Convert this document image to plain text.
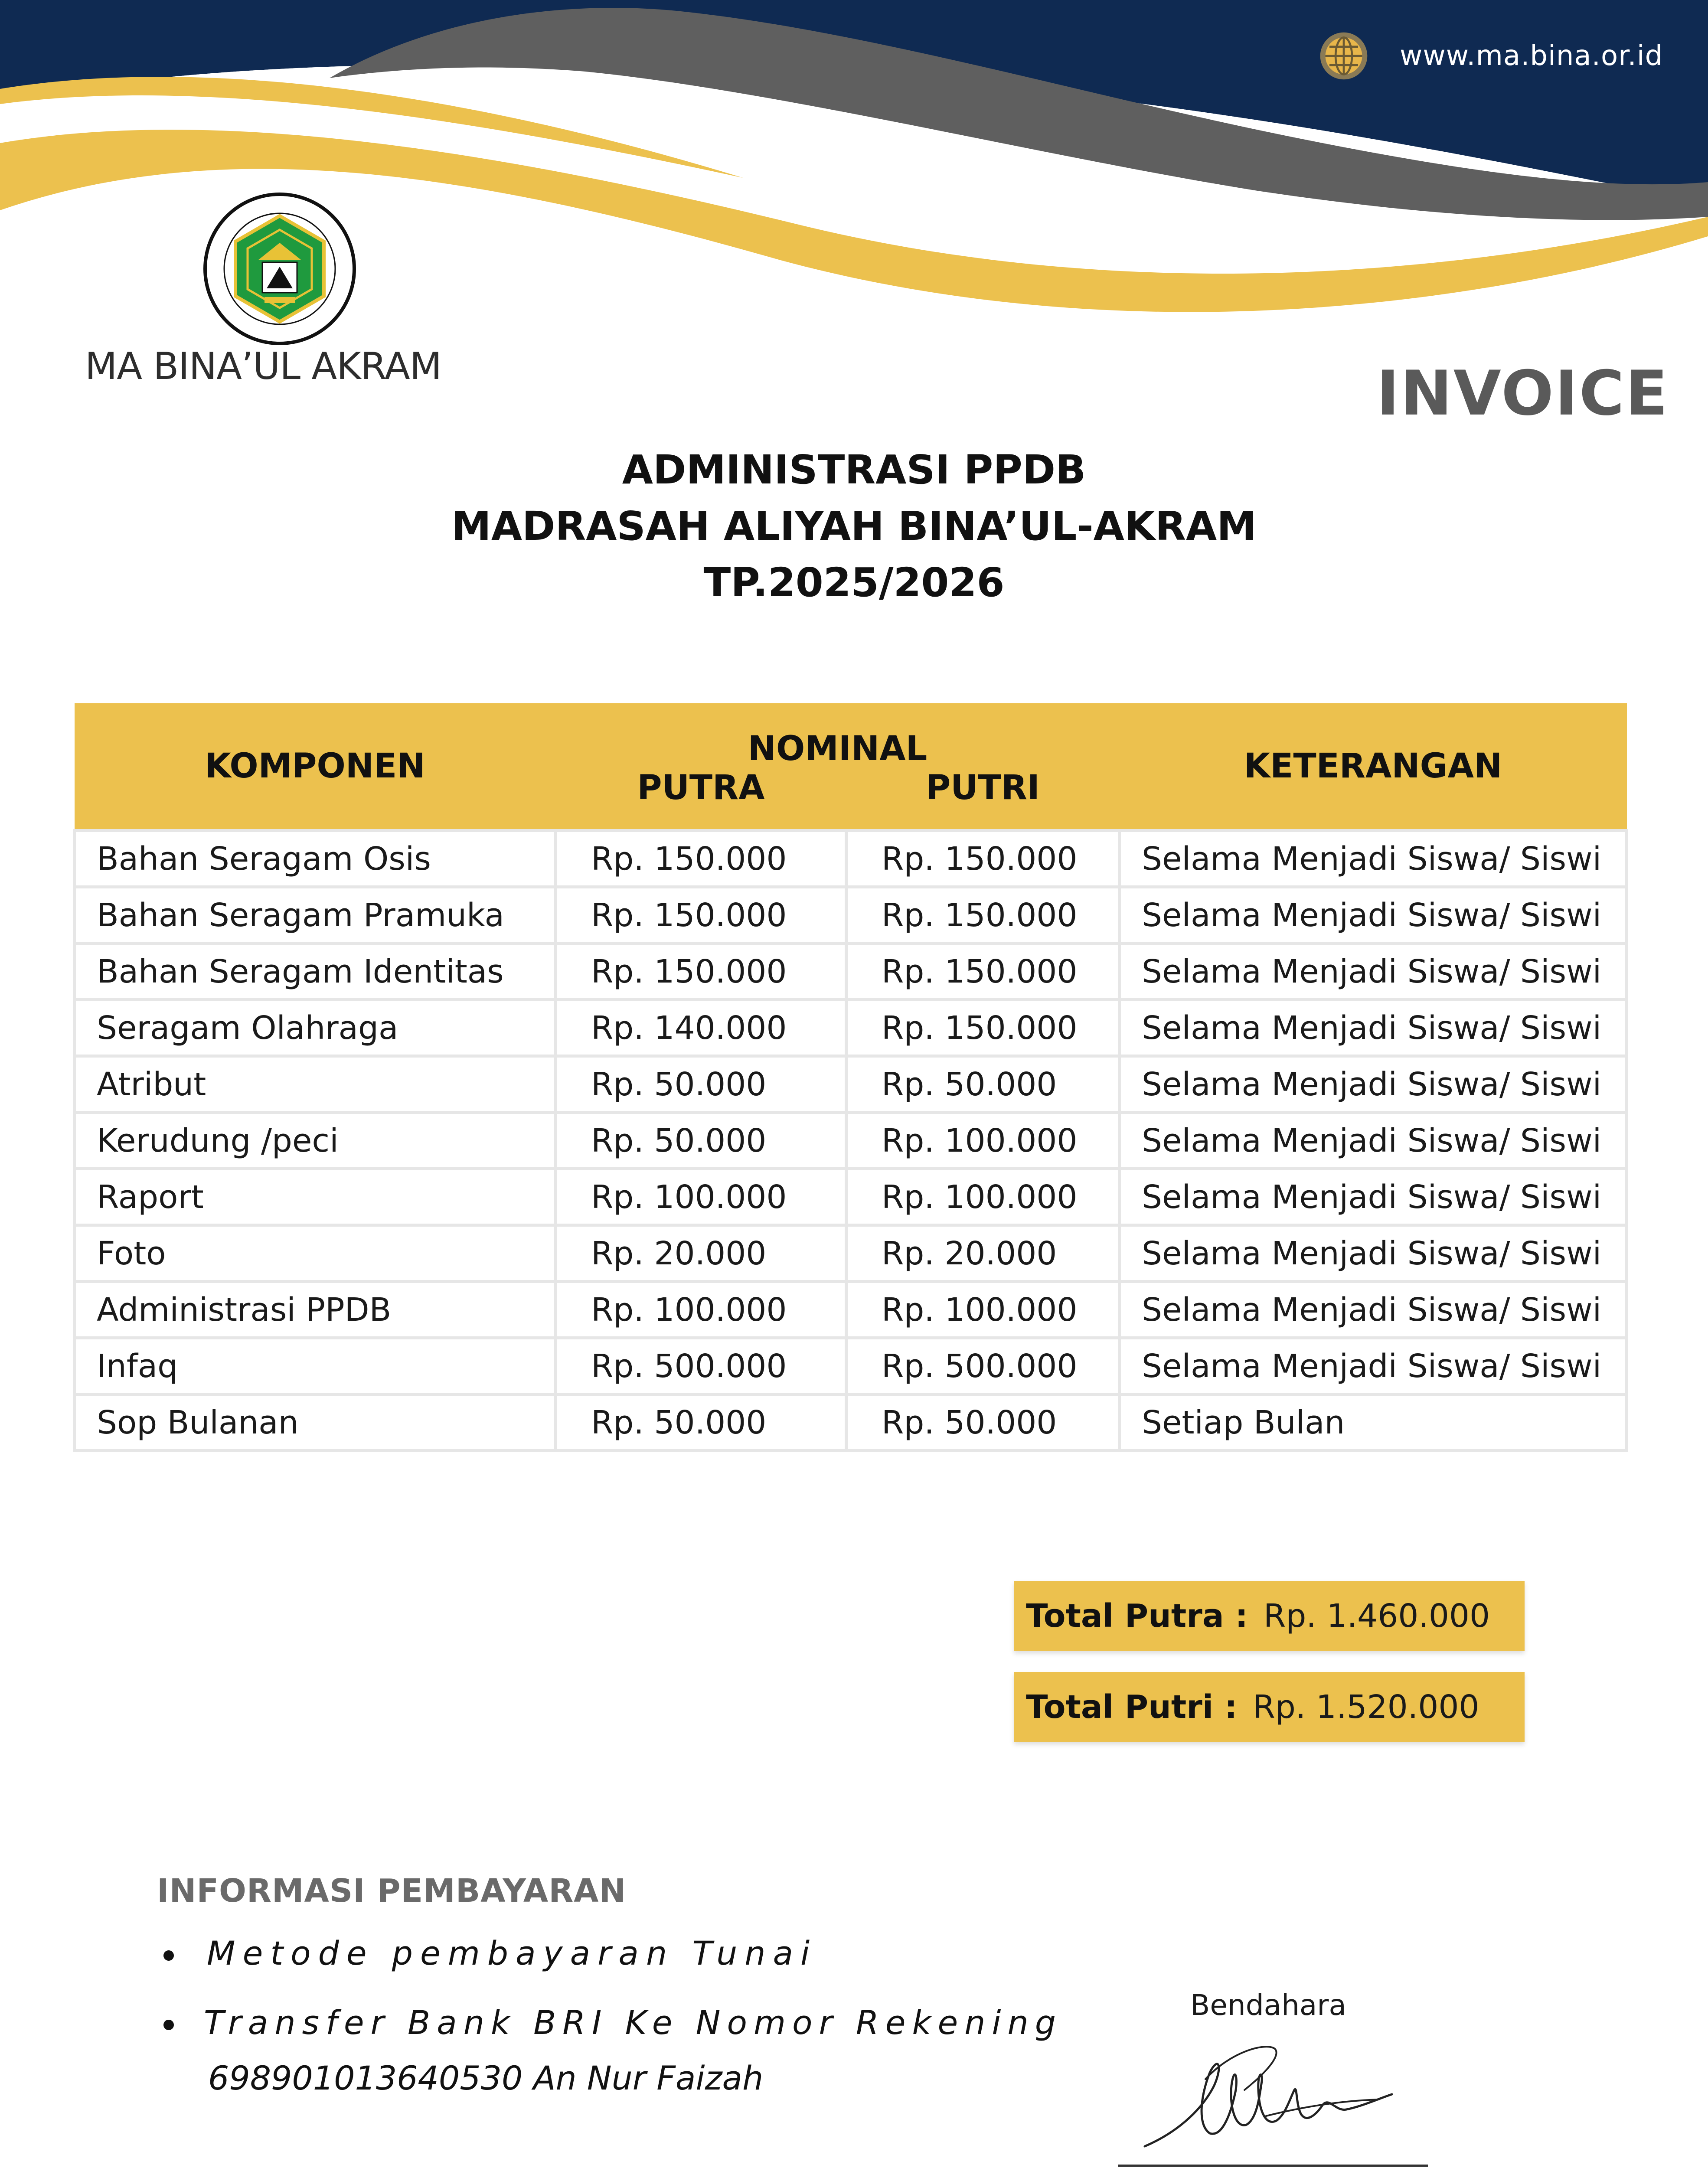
www.ma.bina.or.id
MA BINA’UL AKRAM	INVOICE
ADMINISTRASI PPDB
MADRASAH ALIYAH BINA’UL-AKRAM
TP.2025/2026
KOMPONEN	NOMINAL		KETERANGAN
	PUTRA	PUTRI	
Bahan Seragam Osis	Rp. 150.000	Rp. 150.000	Selama Menjadi Siswa/ Siswi
Bahan Seragam Pramuka	Rp. 150.000	Rp. 150.000	Selama Menjadi Siswa/ Siswi
Bahan Seragam Identitas	Rp. 150.000	Rp. 150.000	Selama Menjadi Siswa/ Siswi
Seragam Olahraga	Rp. 140.000	Rp. 150.000	Selama Menjadi Siswa/ Siswi
Atribut	Rp. 50.000	Rp. 50.000	Selama Menjadi Siswa/ Siswi
Kerudung /peci	Rp. 50.000	Rp. 100.000	Selama Menjadi Siswa/ Siswi
Raport	Rp. 100.000	Rp. 100.000	Selama Menjadi Siswa/ Siswi
Foto	Rp. 20.000	Rp. 20.000	Selama Menjadi Siswa/ Siswi
Administrasi PPDB	Rp. 100.000	Rp. 100.000	Selama Menjadi Siswa/ Siswi
Infaq	Rp. 500.000	Rp. 500.000	Selama Menjadi Siswa/ Siswi
Sop Bulanan	Rp. 50.000	Rp. 50.000	Setiap Bulan
Total Putra : Rp. 1.460.000
Total Putri : Rp. 1.520.000
INFORMASI PEMBAYARAN
Metode pembayaran Tunai
Transfer Bank BRI Ke Nomor Rekening
698901013640530 An Nur Faizah
Bendahara
